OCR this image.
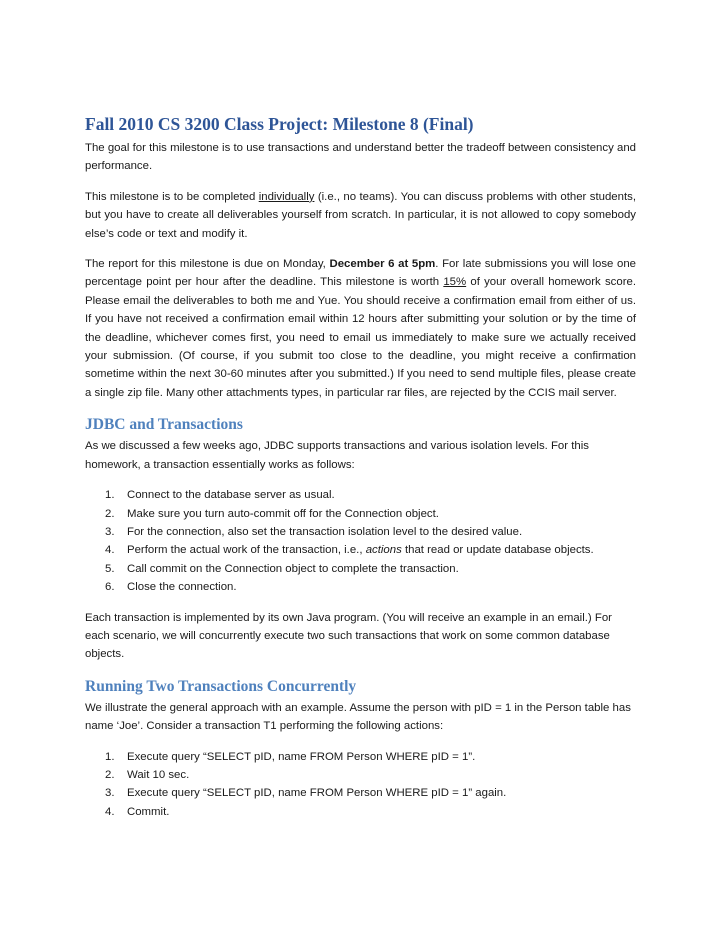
Fall 2010 CS 3200 Class Project: Milestone 8 (Final)

The goal for this milestone is to use transactions and understand better the tradeoff between consistency and performance.

This milestone is to be completed individually (i.e., no teams). You can discuss problems with other students, but you have to create all deliverables yourself from scratch. In particular, it is not allowed to copy somebody else’s code or text and modify it.

The report for this milestone is due on Monday, December 6 at 5pm. For late submissions you will lose one percentage point per hour after the deadline. This milestone is worth 15% of your overall homework score. Please email the deliverables to both me and Yue. You should receive a confirmation email from either of us. If you have not received a confirmation email within 12 hours after submitting your solution or by the time of the deadline, whichever comes first, you need to email us immediately to make sure we actually received your submission. (Of course, if you submit too close to the deadline, you might receive a confirmation sometime within the next 30-60 minutes after you submitted.) If you need to send multiple files, please create a single zip file. Many other attachments types, in particular rar files, are rejected by the CCIS mail server.

JDBC and Transactions

As we discussed a few weeks ago, JDBC supports transactions and various isolation levels. For this homework, a transaction essentially works as follows:

1. Connect to the database server as usual.
2. Make sure you turn auto-commit off for the Connection object.
3. For the connection, also set the transaction isolation level to the desired value.
4. Perform the actual work of the transaction, i.e., actions that read or update database objects.
5. Call commit on the Connection object to complete the transaction.
6. Close the connection.

Each transaction is implemented by its own Java program. (You will receive an example in an email.) For each scenario, we will concurrently execute two such transactions that work on some common database objects.

Running Two Transactions Concurrently

We illustrate the general approach with an example. Assume the person with pID = 1 in the Person table has name ‘Joe’. Consider a transaction T1 performing the following actions:

1. Execute query “SELECT pID, name FROM Person WHERE pID = 1”.
2. Wait 10 sec.
3. Execute query “SELECT pID, name FROM Person WHERE pID = 1” again.
4. Commit.
